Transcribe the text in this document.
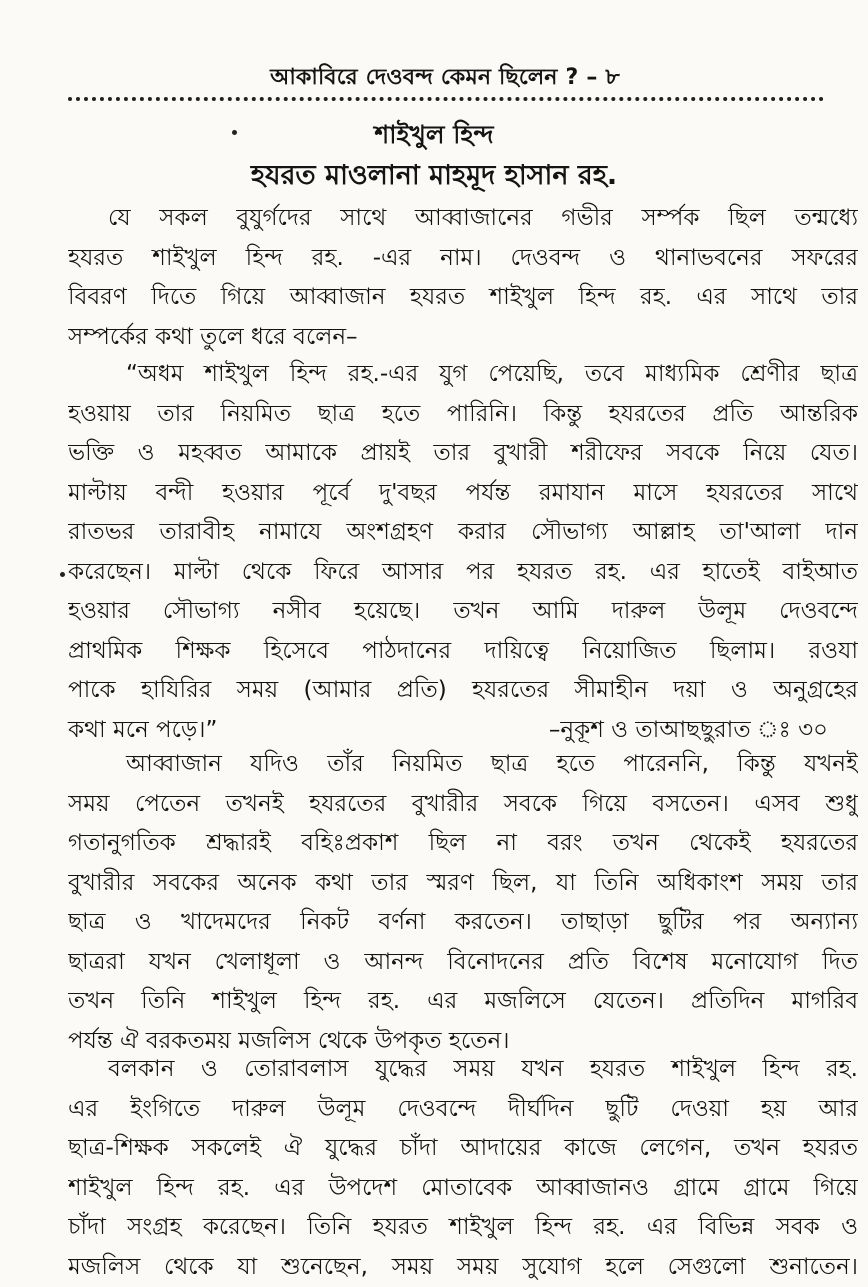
আকাবিরে দেওবন্দ কেমন ছিলেন ? – ৮
শাইখুল হিন্দ
হযরত মাওলানা মাহমূদ হাসান রহ.
যে সকল বুযুর্গদের সাথে আব্বাজানের গভীর সর্ম্পক ছিল তন্মধ্যে
হযরত শাইখুল হিন্দ রহ. -এর নাম। দেওবন্দ ও থানাভবনের সফরের
বিবরণ দিতে গিয়ে আব্বাজান হযরত শাইখুল হিন্দ রহ. এর সাথে তার
সম্পর্কের কথা তুলে ধরে বলেন–
“অধম শাইখুল হিন্দ রহ.-এর যুগ পেয়েছি, তবে মাধ্যমিক শ্রেণীর ছাত্র
হওয়ায় তার নিয়মিত ছাত্র হতে পারিনি। কিন্তু হযরতের প্রতি আন্তরিক
ভক্তি ও মহব্বত আমাকে প্রায়ই তার বুখারী শরীফের সবকে নিয়ে যেত।
মাল্টায় বন্দী হওয়ার পূর্বে দু'বছর পর্যন্ত রমাযান মাসে হযরতের সাথে
রাতভর তারাবীহ নামাযে অংশগ্রহণ করার সৌভাগ্য আল্লাহ তা'আলা দান
করেছেন। মাল্টা থেকে ফিরে আসার পর হযরত রহ. এর হাতেই বাইআত
হওয়ার সৌভাগ্য নসীব হয়েছে। তখন আমি দারুল উলূম দেওবন্দে
প্রাথমিক শিক্ষক হিসেবে পাঠদানের দায়িত্বে নিয়োজিত ছিলাম। রওযা
পাকে হাযিরির সময় (আমার প্রতি) হযরতের সীমাহীন দয়া ও অনুগ্রহের
কথা মনে পড়ে।”	–নুকূশ ও তাআছছুরাত ঃ ৩০
আব্বাজান যদিও তাঁর নিয়মিত ছাত্র হতে পারেননি, কিন্তু যখনই
সময় পেতেন তখনই হযরতের বুখারীর সবকে গিয়ে বসতেন। এসব শুধু
গতানুগতিক শ্রদ্ধারই বহিঃপ্রকাশ ছিল না বরং তখন থেকেই হযরতের
বুখারীর সবকের অনেক কথা তার স্মরণ ছিল, যা তিনি অধিকাংশ সময় তার
ছাত্র ও খাদেমদের নিকট বর্ণনা করতেন। তাছাড়া ছুটির পর অন্যান্য
ছাত্ররা যখন খেলাধূলা ও আনন্দ বিনোদনের প্রতি বিশেষ মনোযোগ দিত
তখন তিনি শাইখুল হিন্দ রহ. এর মজলিসে যেতেন। প্রতিদিন মাগরিব
পর্যন্ত ঐ বরকতময় মজলিস থেকে উপকৃত হতেন।
বলকান ও তোরাবলাস যুদ্ধের সময় যখন হযরত শাইখুল হিন্দ রহ.
এর ইংগিতে দারুল উলূম দেওবন্দে দীর্ঘদিন ছুটি দেওয়া হয় আর
ছাত্র-শিক্ষক সকলেই ঐ যুদ্ধের চাঁদা আদায়ের কাজে লেগেন, তখন হযরত
শাইখুল হিন্দ রহ. এর উপদেশ মোতাবেক আব্বাজানও গ্রামে গ্রামে গিয়ে
চাঁদা সংগ্রহ করেছেন। তিনি হযরত শাইখুল হিন্দ রহ. এর বিভিন্ন সবক ও
মজলিস থেকে যা শুনেছেন, সময় সময় সুযোগ হলে সেগুলো শুনাতেন।
